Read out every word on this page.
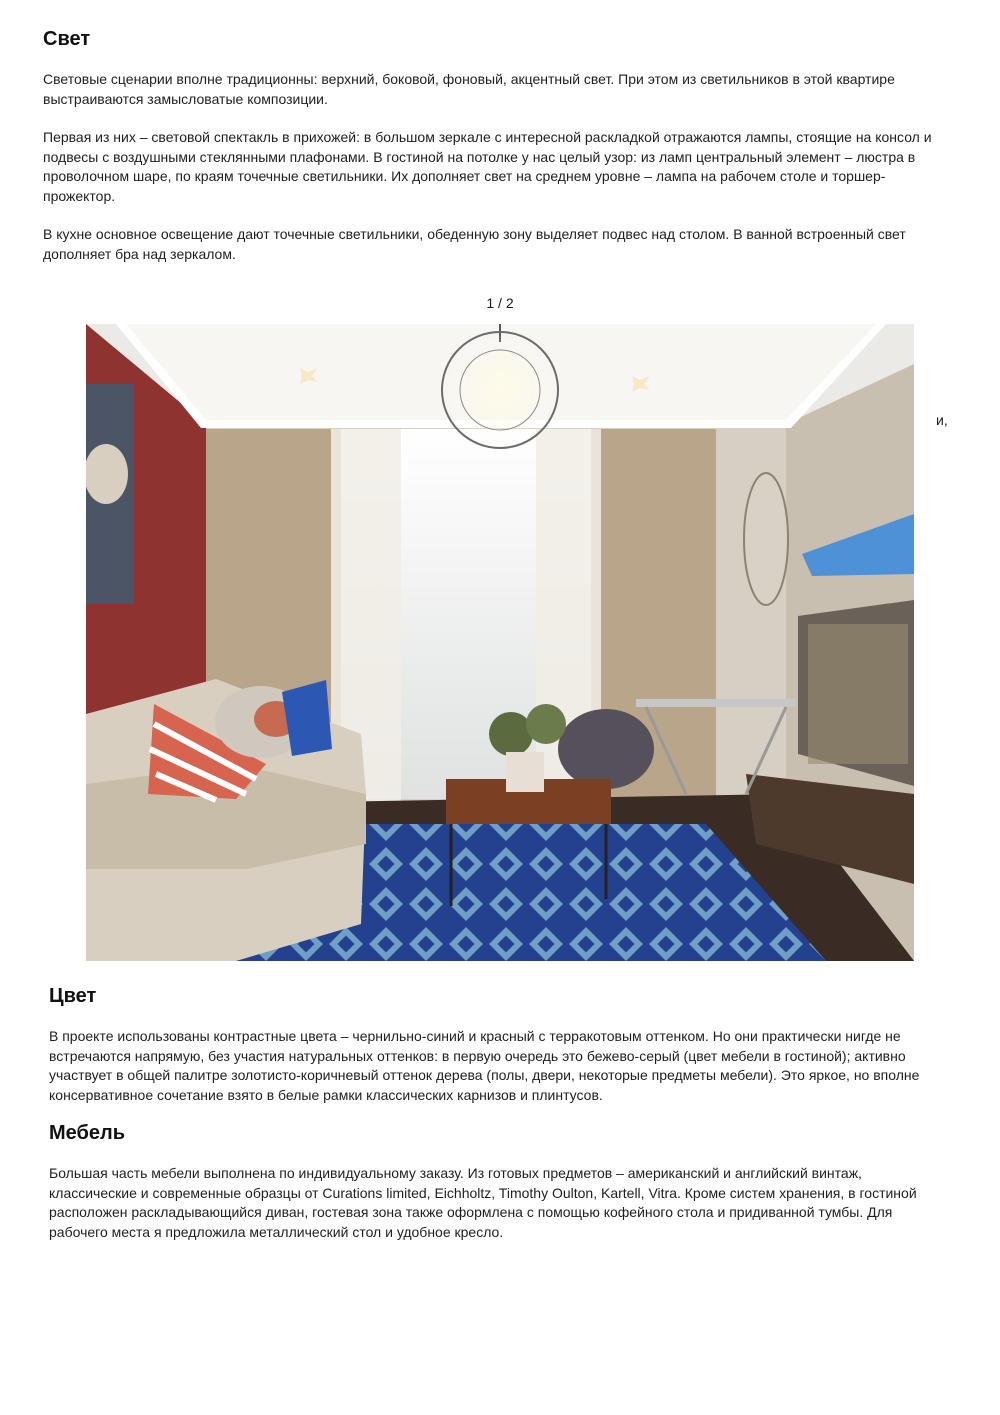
Свет

Световые сценарии вполне традиционны: верхний, боковой, фоновый, акцентный свет. При этом из светильников в этой квартире выстраиваются замысловатые композиции.

Первая из них – световой спектакль в прихожей: в большом зеркале с интересной раскладкой отражаются лампы, стоящие на консол и подвесы с воздушными стеклянными плафонами. В гостиной на потолке у нас целый узор: из ламп центральный элемент – люстра в проволочном шаре, по краям точечные светильники. Их дополняет свет на среднем уровне – лампа на рабочем столе и торшер-прожектор.

В кухне основное освещение дают точечные светильники, обеденную зону выделяет подвес над столом. В ванной встроенный свет дополняет бра над зеркалом.

1 / 2
и,
Цвет

В проекте использованы контрастные цвета – чернильно-синий и красный с терракотовым оттенком. Но они практически нигде не встречаются напрямую, без участия натуральных оттенков: в первую очередь это бежево-серый (цвет мебели в гостиной); активно участвует в общей палитре золотисто-коричневый оттенок дерева (полы, двери, некоторые предметы мебели). Это яркое, но вполне консервативное сочетание взято в белые рамки классических карнизов и плинтусов.

Мебель

Большая часть мебели выполнена по индивидуальному заказу. Из готовых предметов – американский и английский винтаж, классические и современные образцы от Curations limited, Eichholtz, Timothy Oulton, Kartell, Vitra. Кроме систем хранения, в гостиной расположен раскладывающийся диван, гостевая зона также оформлена с помощью кофейного стола и придиванной тумбы. Для рабочего места я предложила металлический стол и удобное кресло.
